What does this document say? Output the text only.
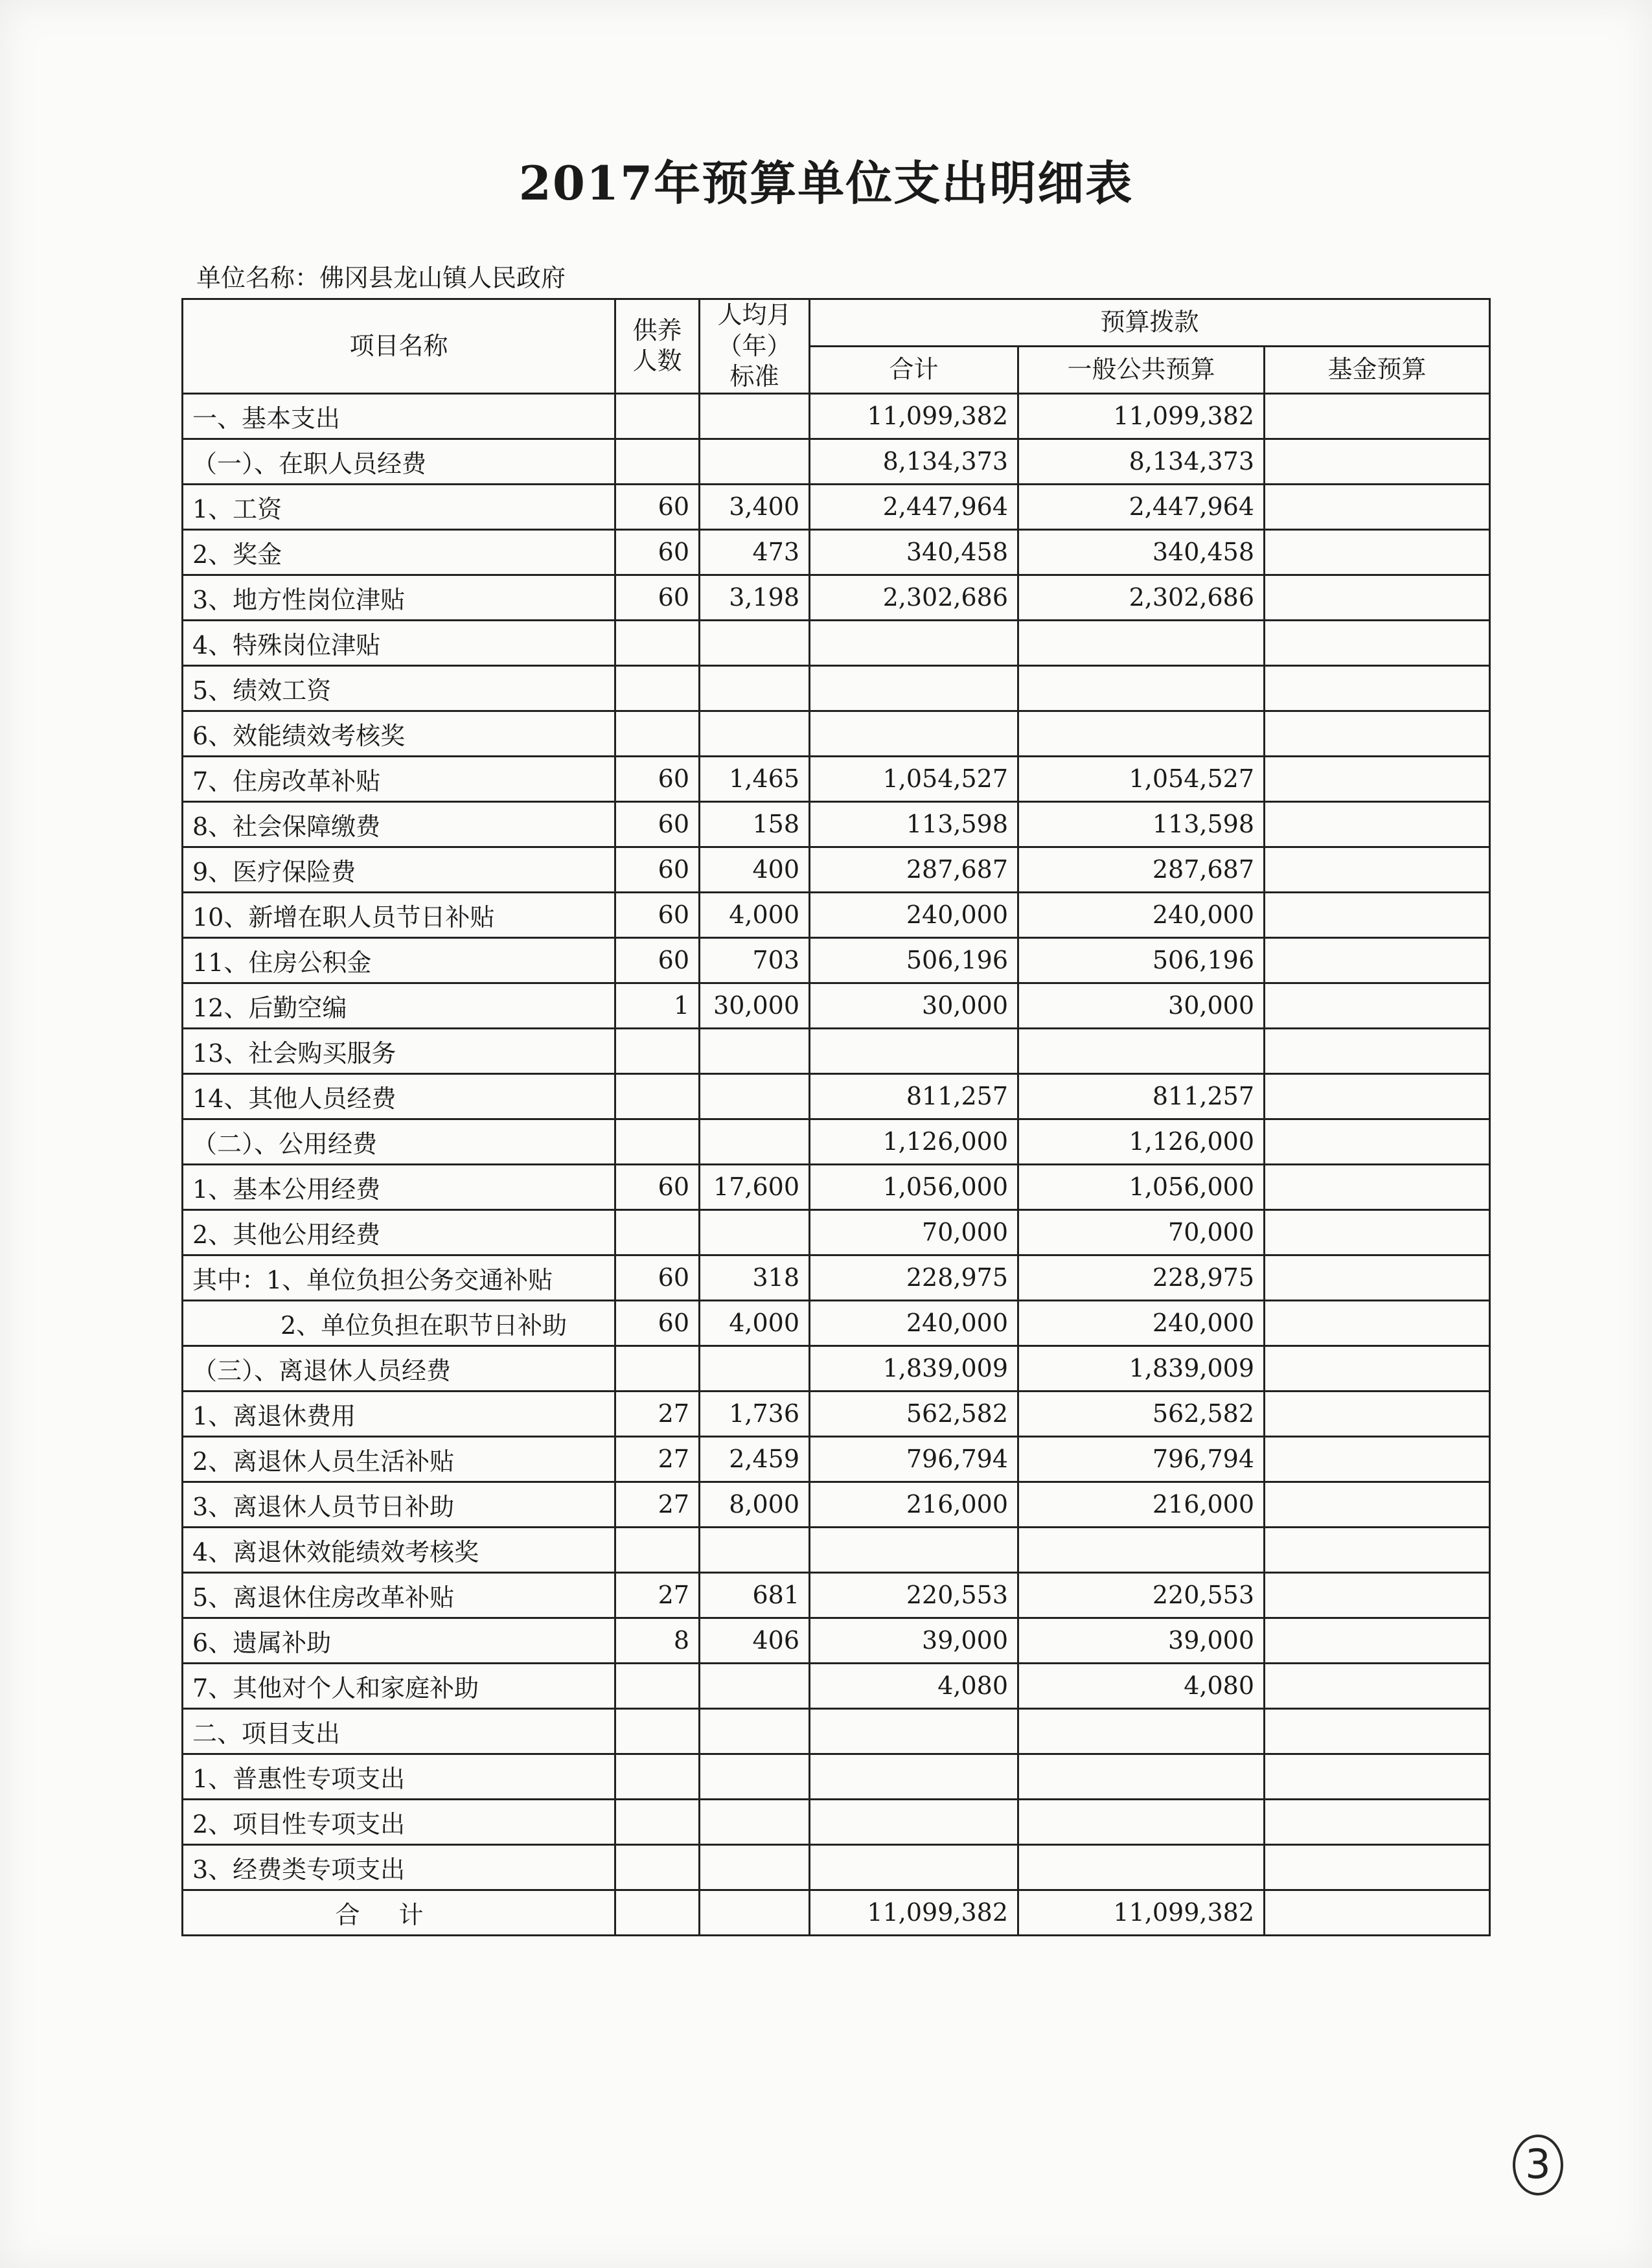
2017年预算单位支出明细表
单位名称：佛冈县龙山镇人民政府
项目名称	供养人数	人均月（年）标准	预算拨款		
			合计	一般公共预算	基金预算
一、基本支出			11,099,382	11,099,382	
（一）、在职人员经费			8,134,373	8,134,373	
1、工资	60	3,400	2,447,964	2,447,964	
2、奖金	60	473	340,458	340,458	
3、地方性岗位津贴	60	3,198	2,302,686	2,302,686	
4、特殊岗位津贴					
5、绩效工资					
6、效能绩效考核奖					
7、住房改革补贴	60	1,465	1,054,527	1,054,527	
8、社会保障缴费	60	158	113,598	113,598	
9、医疗保险费	60	400	287,687	287,687	
10、新增在职人员节日补贴	60	4,000	240,000	240,000	
11、住房公积金	60	703	506,196	506,196	
12、后勤空编	1	30,000	30,000	30,000	
13、社会购买服务					
14、其他人员经费			811,257	811,257	
（二）、公用经费			1,126,000	1,126,000	
1、基本公用经费	60	17,600	1,056,000	1,056,000	
2、其他公用经费			70,000	70,000	
其中：1、单位负担公务交通补贴	60	318	228,975	228,975	
2、单位负担在职节日补助	60	4,000	240,000	240,000	
（三）、离退休人员经费			1,839,009	1,839,009	
1、离退休费用	27	1,736	562,582	562,582	
2、离退休人员生活补贴	27	2,459	796,794	796,794	
3、离退休人员节日补助	27	8,000	216,000	216,000	
4、离退休效能绩效考核奖					
5、离退休住房改革补贴	27	681	220,553	220,553	
6、遗属补助	8	406	39,000	39,000	
7、其他对个人和家庭补助			4,080	4,080	
二、项目支出					
1、普惠性专项支出					
2、项目性专项支出					
3、经费类专项支出					
合计			11,099,382	11,099,382	
3
